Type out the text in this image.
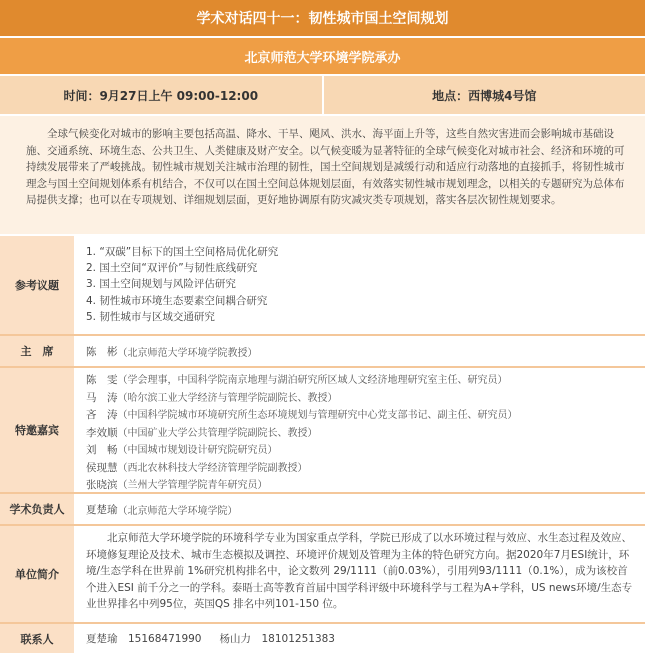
学术对话四十一：韧性城市国土空间规划
北京师范大学环境学院承办
时间：9月27日上午 09:00-12:00	地点：西博城4号馆
全球气候变化对城市的影响主要包括高温、降水、干旱、飓风、洪水、海平面上升等，这些自然灾害进而会影响城市基础设施、交通系统、环境生态、公共卫生、人类健康及财产安全。以气候变暖为显著特征的全球气候变化对城市社会、经济和环境的可持续发展带来了严峻挑战。韧性城市规划关注城市治理的韧性，国土空间规划是减缓行动和适应行动落地的直接抓手，将韧性城市理念与国土空间规划体系有机结合，不仅可以在国土空间总体规划层面，有效落实韧性城市规划理念，以相关的专题研究为总体布局提供支撑；也可以在专项规划、详细规划层面，更好地协调原有防灾减灾类专项规划，落实各层次韧性规划要求。
参考议题
1. “双碳”目标下的国土空间格局优化研究
2. 国土空间“双评价”与韧性底线研究
3. 国土空间规划与风险评估研究
4. 韧性城市环境生态要素空间耦合研究
5. 韧性城市与区域交通研究
主　席	陈　彬 （北京师范大学环境学院教授）
特邀嘉宾
陈　雯（学会理事，中国科学院南京地理与湖泊研究所区域人文经济地理研究室主任、研究员）
马　涛（哈尔滨工业大学经济与管理学院副院长、教授）
吝　涛（中国科学院城市环境研究所生态环境规划与管理研究中心党支部书记、副主任、研究员）
李效顺（中国矿业大学公共管理学院副院长、教授）
刘　畅（中国城市规划设计研究院研究员）
侯现慧（西北农林科技大学经济管理学院副教授）
张晓滨（兰州大学管理学院青年研究员）
学术负责人	夏楚瑜 （北京师范大学环境学院）
单位简介
北京师范大学环境学院的环境科学专业为国家重点学科，学院已形成了以水环境过程与效应、水生态过程及效应、环境修复理论及技术、城市生态模拟及调控、环境评价规划及管理为主体的特色研究方向。据2020年7月ESI统计，环境/生态学科在世界前 1%研究机构排名中，论文数列 29/1111（前0.03%），引用列93/1111（0.1%），成为该校首个进入ESI 前千分之一的学科。泰晤士高等教育首届中国学科评级中环境科学与工程为A+学科，US news环境/生态专业世界排名中列95位，英国QS 排名中列101-150 位。
联系人	夏楚瑜　15168471990 杨山力　18101251383
